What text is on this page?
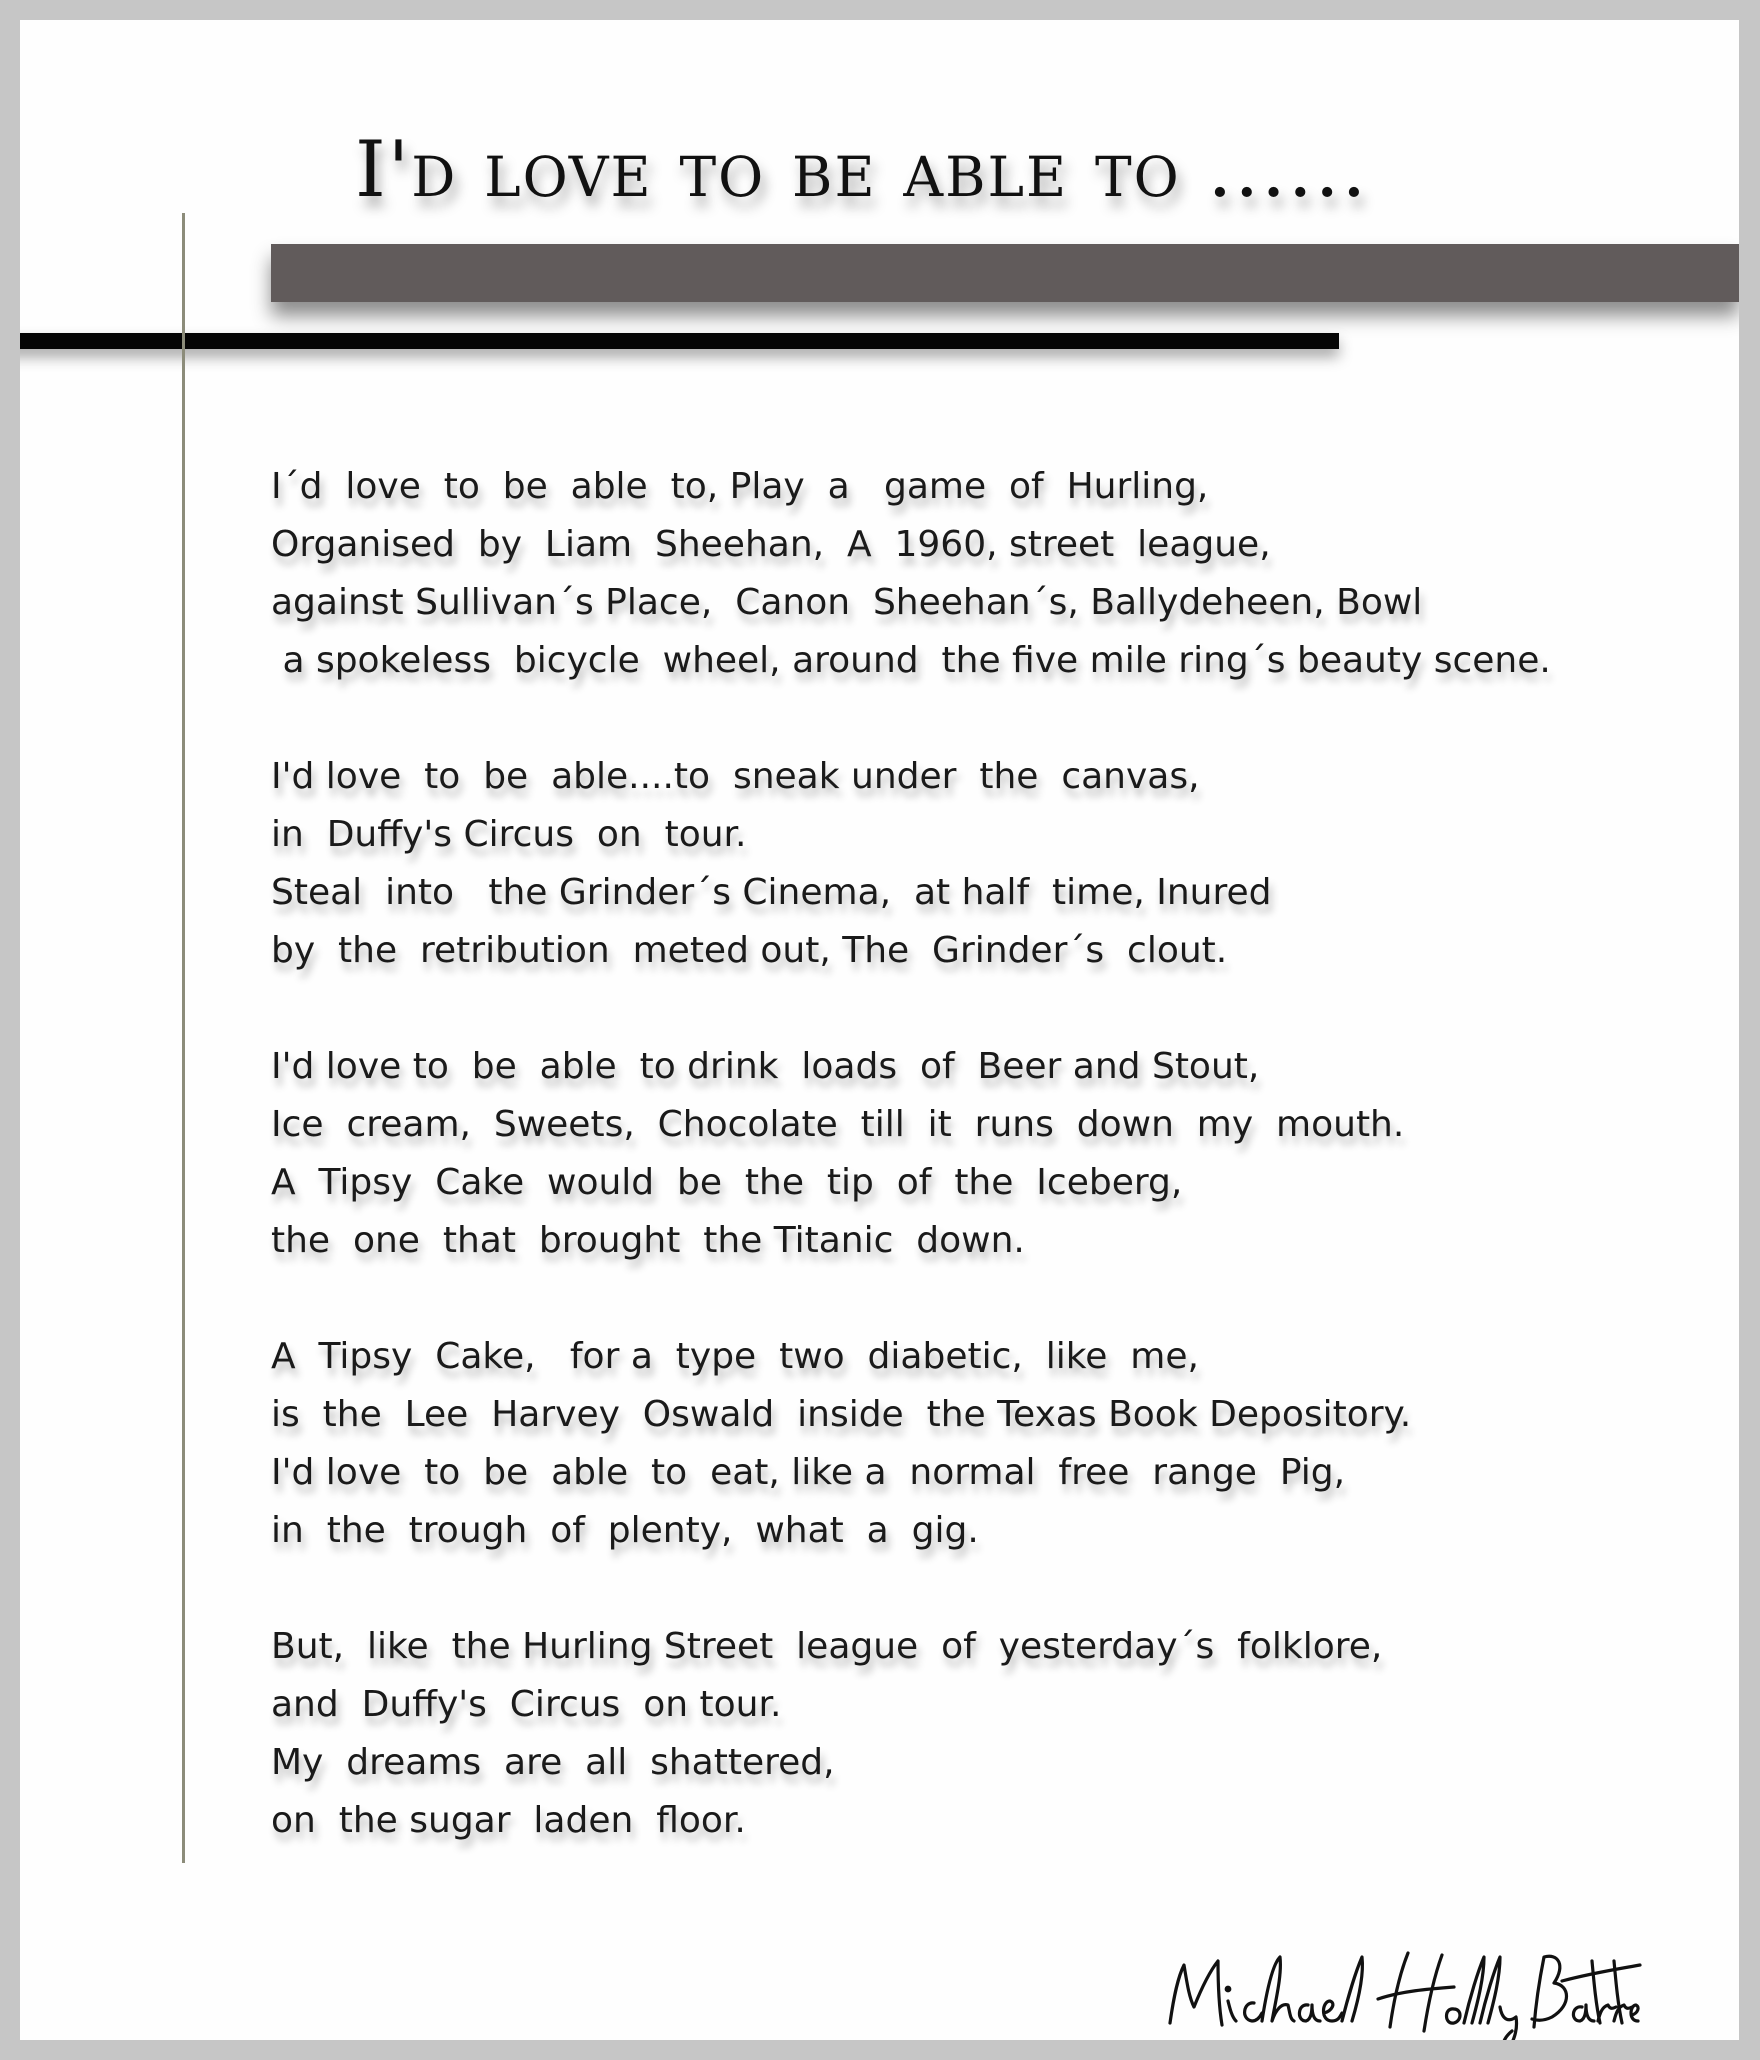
I'd love to be able to ......
I´d  love  to  be  able  to, Play  a   game  of  Hurling,
Organised  by  Liam  Sheehan,  A  1960, street  league,
against Sullivan´s Place,  Canon  Sheehan´s, Ballydeheen, Bowl
a spokeless  bicycle  wheel, around  the five mile ring´s beauty scene.
I'd love  to  be  able....to  sneak under  the  canvas,
in  Duffy's Circus  on  tour.
Steal  into   the Grinder´s Cinema,  at half  time, Inured
by  the  retribution  meted out, The  Grinder´s  clout.
I'd love to  be  able  to drink  loads  of  Beer and Stout,
Ice  cream,  Sweets,  Chocolate  till  it  runs  down  my  mouth.
A  Tipsy  Cake  would  be  the  tip  of  the  Iceberg,
the  one  that  brought  the Titanic  down.
A  Tipsy  Cake,   for a  type  two  diabetic,  like  me,
is  the  Lee  Harvey  Oswald  inside  the Texas Book Depository.
I'd love  to  be  able  to  eat, like a  normal  free  range  Pig,
in  the  trough  of  plenty,  what  a  gig.
But,  like  the Hurling Street  league  of  yesterday´s  folklore,
and  Duffy's  Circus  on tour.
My  dreams  are  all  shattered,
on  the sugar  laden  floor.
